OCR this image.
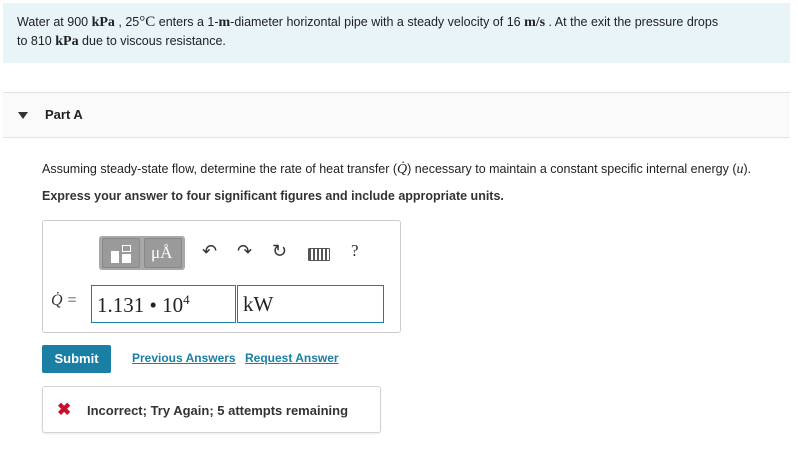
Water at 900 kPa , 25°C enters a 1-m-diameter horizontal pipe with a steady velocity of 16 m/s . At the exit the pressure drops
to 810 kPa due to viscous resistance.
Part A
Assuming steady-state flow, determine the rate of heat transfer (Q̇) necessary to maintain a constant specific internal energy (u).
Express your answer to four significant figures and include appropriate units.
μÅ ↶ ↷ ↻	?
Q̇ = 1.131 • $10^4$	kW
Submit	Previous Answers Request Answer
✖ Incorrect; Try Again; 5 attempts remaining
